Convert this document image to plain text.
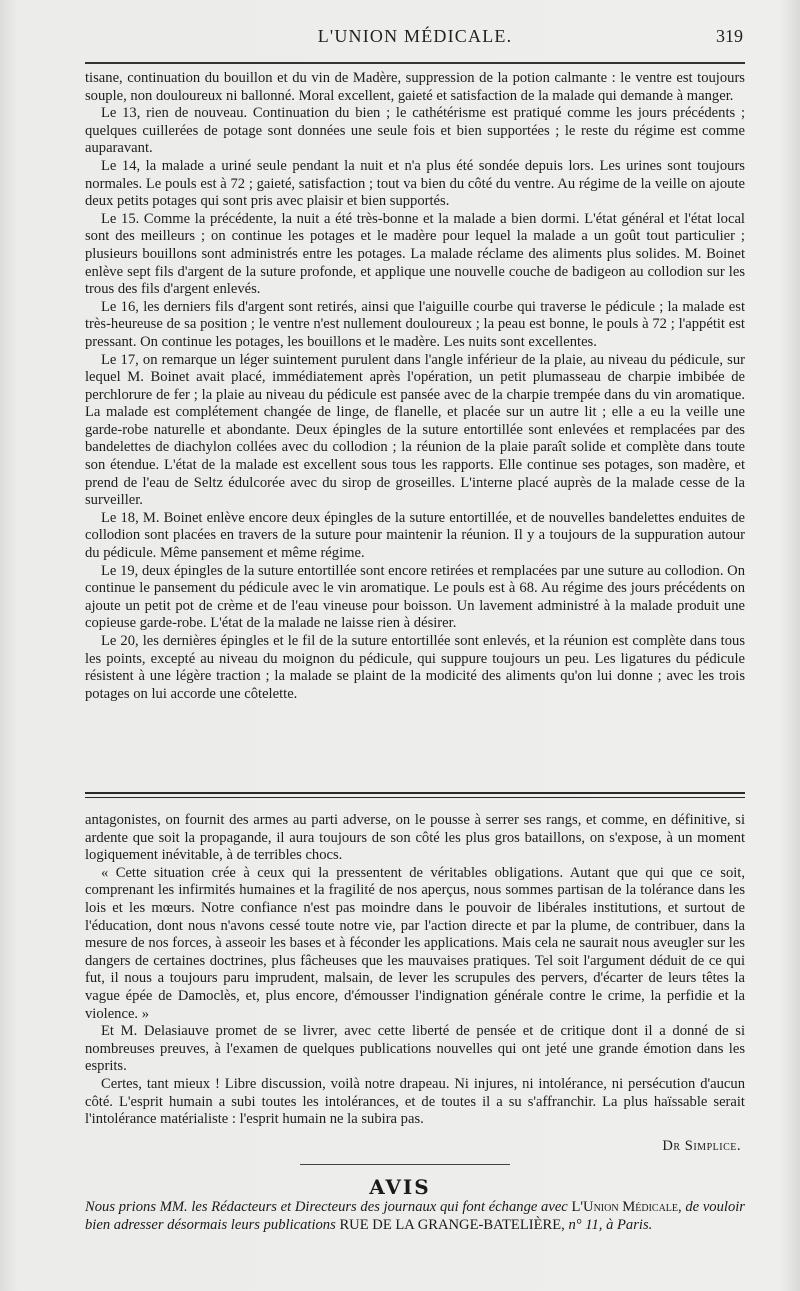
L'UNION MÉDICALE.	319

tisane, continuation du bouillon et du vin de Madère, suppression de la potion calmante : le ventre est toujours souple, non douloureux ni ballonné. Moral excellent, gaieté et satisfaction de la malade qui demande à manger.

Le 13, rien de nouveau. Continuation du bien ; le cathétérisme est pratiqué comme les jours précédents ; quelques cuillerées de potage sont données une seule fois et bien supportées ; le reste du régime est comme auparavant.

Le 14, la malade a uriné seule pendant la nuit et n'a plus été sondée depuis lors. Les urines sont toujours normales. Le pouls est à 72 ; gaieté, satisfaction ; tout va bien du côté du ventre. Au régime de la veille on ajoute deux petits potages qui sont pris avec plaisir et bien supportés.

Le 15. Comme la précédente, la nuit a été très-bonne et la malade a bien dormi. L'état général et l'état local sont des meilleurs ; on continue les potages et le madère pour lequel la malade a un goût tout particulier ; plusieurs bouillons sont administrés entre les potages. La malade réclame des aliments plus solides. M. Boinet enlève sept fils d'argent de la suture profonde, et applique une nouvelle couche de badigeon au collodion sur les trous des fils d'argent enlevés.

Le 16, les derniers fils d'argent sont retirés, ainsi que l'aiguille courbe qui traverse le pédicule ; la malade est très-heureuse de sa position ; le ventre n'est nullement douloureux ; la peau est bonne, le pouls à 72 ; l'appétit est pressant. On continue les potages, les bouillons et le madère. Les nuits sont excellentes.

Le 17, on remarque un léger suintement purulent dans l'angle inférieur de la plaie, au niveau du pédicule, sur lequel M. Boinet avait placé, immédiatement après l'opération, un petit plumasseau de charpie imbibée de perchlorure de fer ; la plaie au niveau du pédicule est pansée avec de la charpie trempée dans du vin aromatique. La malade est complétement changée de linge, de flanelle, et placée sur un autre lit ; elle a eu la veille une garde-robe naturelle et abondante. Deux épingles de la suture entortillée sont enlevées et remplacées par des bandelettes de diachylon collées avec du collodion ; la réunion de la plaie paraît solide et complète dans toute son étendue. L'état de la malade est excellent sous tous les rapports. Elle continue ses potages, son madère, et prend de l'eau de Seltz édulcorée avec du sirop de groseilles. L'interne placé auprès de la malade cesse de la surveiller.

Le 18, M. Boinet enlève encore deux épingles de la suture entortillée, et de nouvelles bandelettes enduites de collodion sont placées en travers de la suture pour maintenir la réunion. Il y a toujours de la suppuration autour du pédicule. Même pansement et même régime.

Le 19, deux épingles de la suture entortillée sont encore retirées et remplacées par une suture au collodion. On continue le pansement du pédicule avec le vin aromatique. Le pouls est à 68. Au régime des jours précédents on ajoute un petit pot de crème et de l'eau vineuse pour boisson. Un lavement administré à la malade produit une copieuse garde-robe. L'état de la malade ne laisse rien à désirer.

Le 20, les dernières épingles et le fil de la suture entortillée sont enlevés, et la réunion est complète dans tous les points, excepté au niveau du moignon du pédicule, qui suppure toujours un peu. Les ligatures du pédicule résistent à une légère traction ; la malade se plaint de la modicité des aliments qu'on lui donne ; avec les trois potages on lui accorde une côtelette.

antagonistes, on fournit des armes au parti adverse, on le pousse à serrer ses rangs, et comme, en définitive, si ardente que soit la propagande, il aura toujours de son côté les plus gros bataillons, on s'expose, à un moment logiquement inévitable, à de terribles chocs.

« Cette situation crée à ceux qui la pressentent de véritables obligations. Autant que qui que ce soit, comprenant les infirmités humaines et la fragilité de nos aperçus, nous sommes partisan de la tolérance dans les lois et les mœurs. Notre confiance n'est pas moindre dans le pouvoir de libérales institutions, et surtout de l'éducation, dont nous n'avons cessé toute notre vie, par l'action directe et par la plume, de contribuer, dans la mesure de nos forces, à asseoir les bases et à féconder les applications. Mais cela ne saurait nous aveugler sur les dangers de certaines doctrines, plus fâcheuses que les mauvaises pratiques. Tel soit l'argument déduit de ce qui fut, il nous a toujours paru imprudent, malsain, de lever les scrupules des pervers, d'écarter de leurs têtes la vague épée de Damoclès, et, plus encore, d'émousser l'indignation générale contre le crime, la perfidie et la violence. »

Et M. Delasiauve promet de se livrer, avec cette liberté de pensée et de critique dont il a donné de si nombreuses preuves, à l'examen de quelques publications nouvelles qui ont jeté une grande émotion dans les esprits.

Certes, tant mieux ! Libre discussion, voilà notre drapeau. Ni injures, ni intolérance, ni persécution d'aucun côté. L'esprit humain a subi toutes les intolérances, et de toutes il a su s'affranchir. La plus haïssable serait l'intolérance matérialiste : l'esprit humain ne la subira pas.

Dr Simplice.
AVIS
Nous prions MM. les Rédacteurs et Directeurs des journaux qui font échange avec L'Union Médicale, de vouloir bien adresser désormais leurs publications RUE DE LA GRANGE-BATELIÈRE, n° 11, à Paris.
